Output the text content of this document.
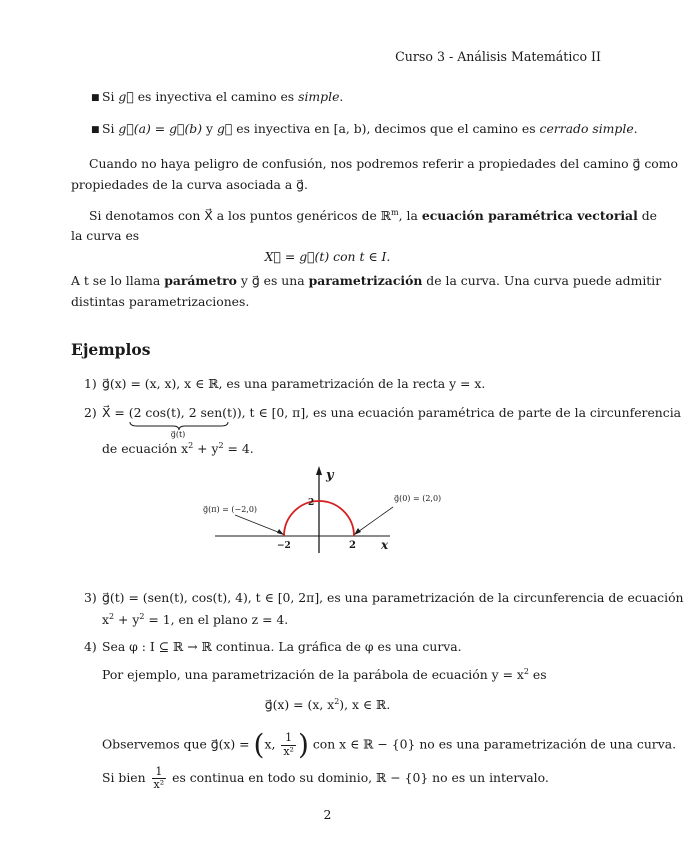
Curso 3 - Análisis Matemático II
■ Si g⃗ es inyectiva el camino es simple.
■ Si g⃗(a) = g⃗(b) y g⃗ es inyectiva en [a, b), decimos que el camino es cerrado simple.
Cuando no haya peligro de confusión, nos podremos referir a propiedades del camino g⃗ como
propiedades de la curva asociada a g⃗.
Si denotamos con X⃗ a los puntos genéricos de ℝ$^m$, la ecuación paramétrica vectorial de
la curva es
X⃗ = g⃗(t) con t ∈ I.
A t se lo llama parámetro y g⃗ es una parametrización de la curva. Una curva puede admitir
distintas parametrizaciones.
Ejemplos
1) g⃗(x) = (x, x), x ∈ ℝ, es una parametrización de la recta y = x.
2) X⃗ = (2 cos(t), 2 sen(t))
g⃗(t)
, t ∈ [0, π], es una ecuación paramétrica de parte de la circunferencia
de ecuación $x^2 + y^2 = 4$.
y
x
−2	2
2
g⃗(π) = (−2,0)
g⃗(0) = (2,0)
3) g⃗(t) = (sen(t), cos(t), 4), t ∈ [0, 2π], es una parametrización de la circunferencia de ecuación
$x^2 + y^2 = 1$, en el plano z = 4.
4) Sea φ : I ⊆ ℝ → ℝ continua. La gráfica de φ es una curva.
Por ejemplo, una parametrización de la parábola de ecuación $y = x^2$ es
g⃗(x) = (x, $x^2$), x ∈ ℝ.
Observemos que g⃗(x) = (x, $\frac{1}{\text{x²}}$ ) con x ∈ ℝ − {0} no es una parametrización de una curva.
Si bien $\frac{1}{\text{x²}}$ es continua en todo su dominio, ℝ − {0} no es un intervalo.
2
